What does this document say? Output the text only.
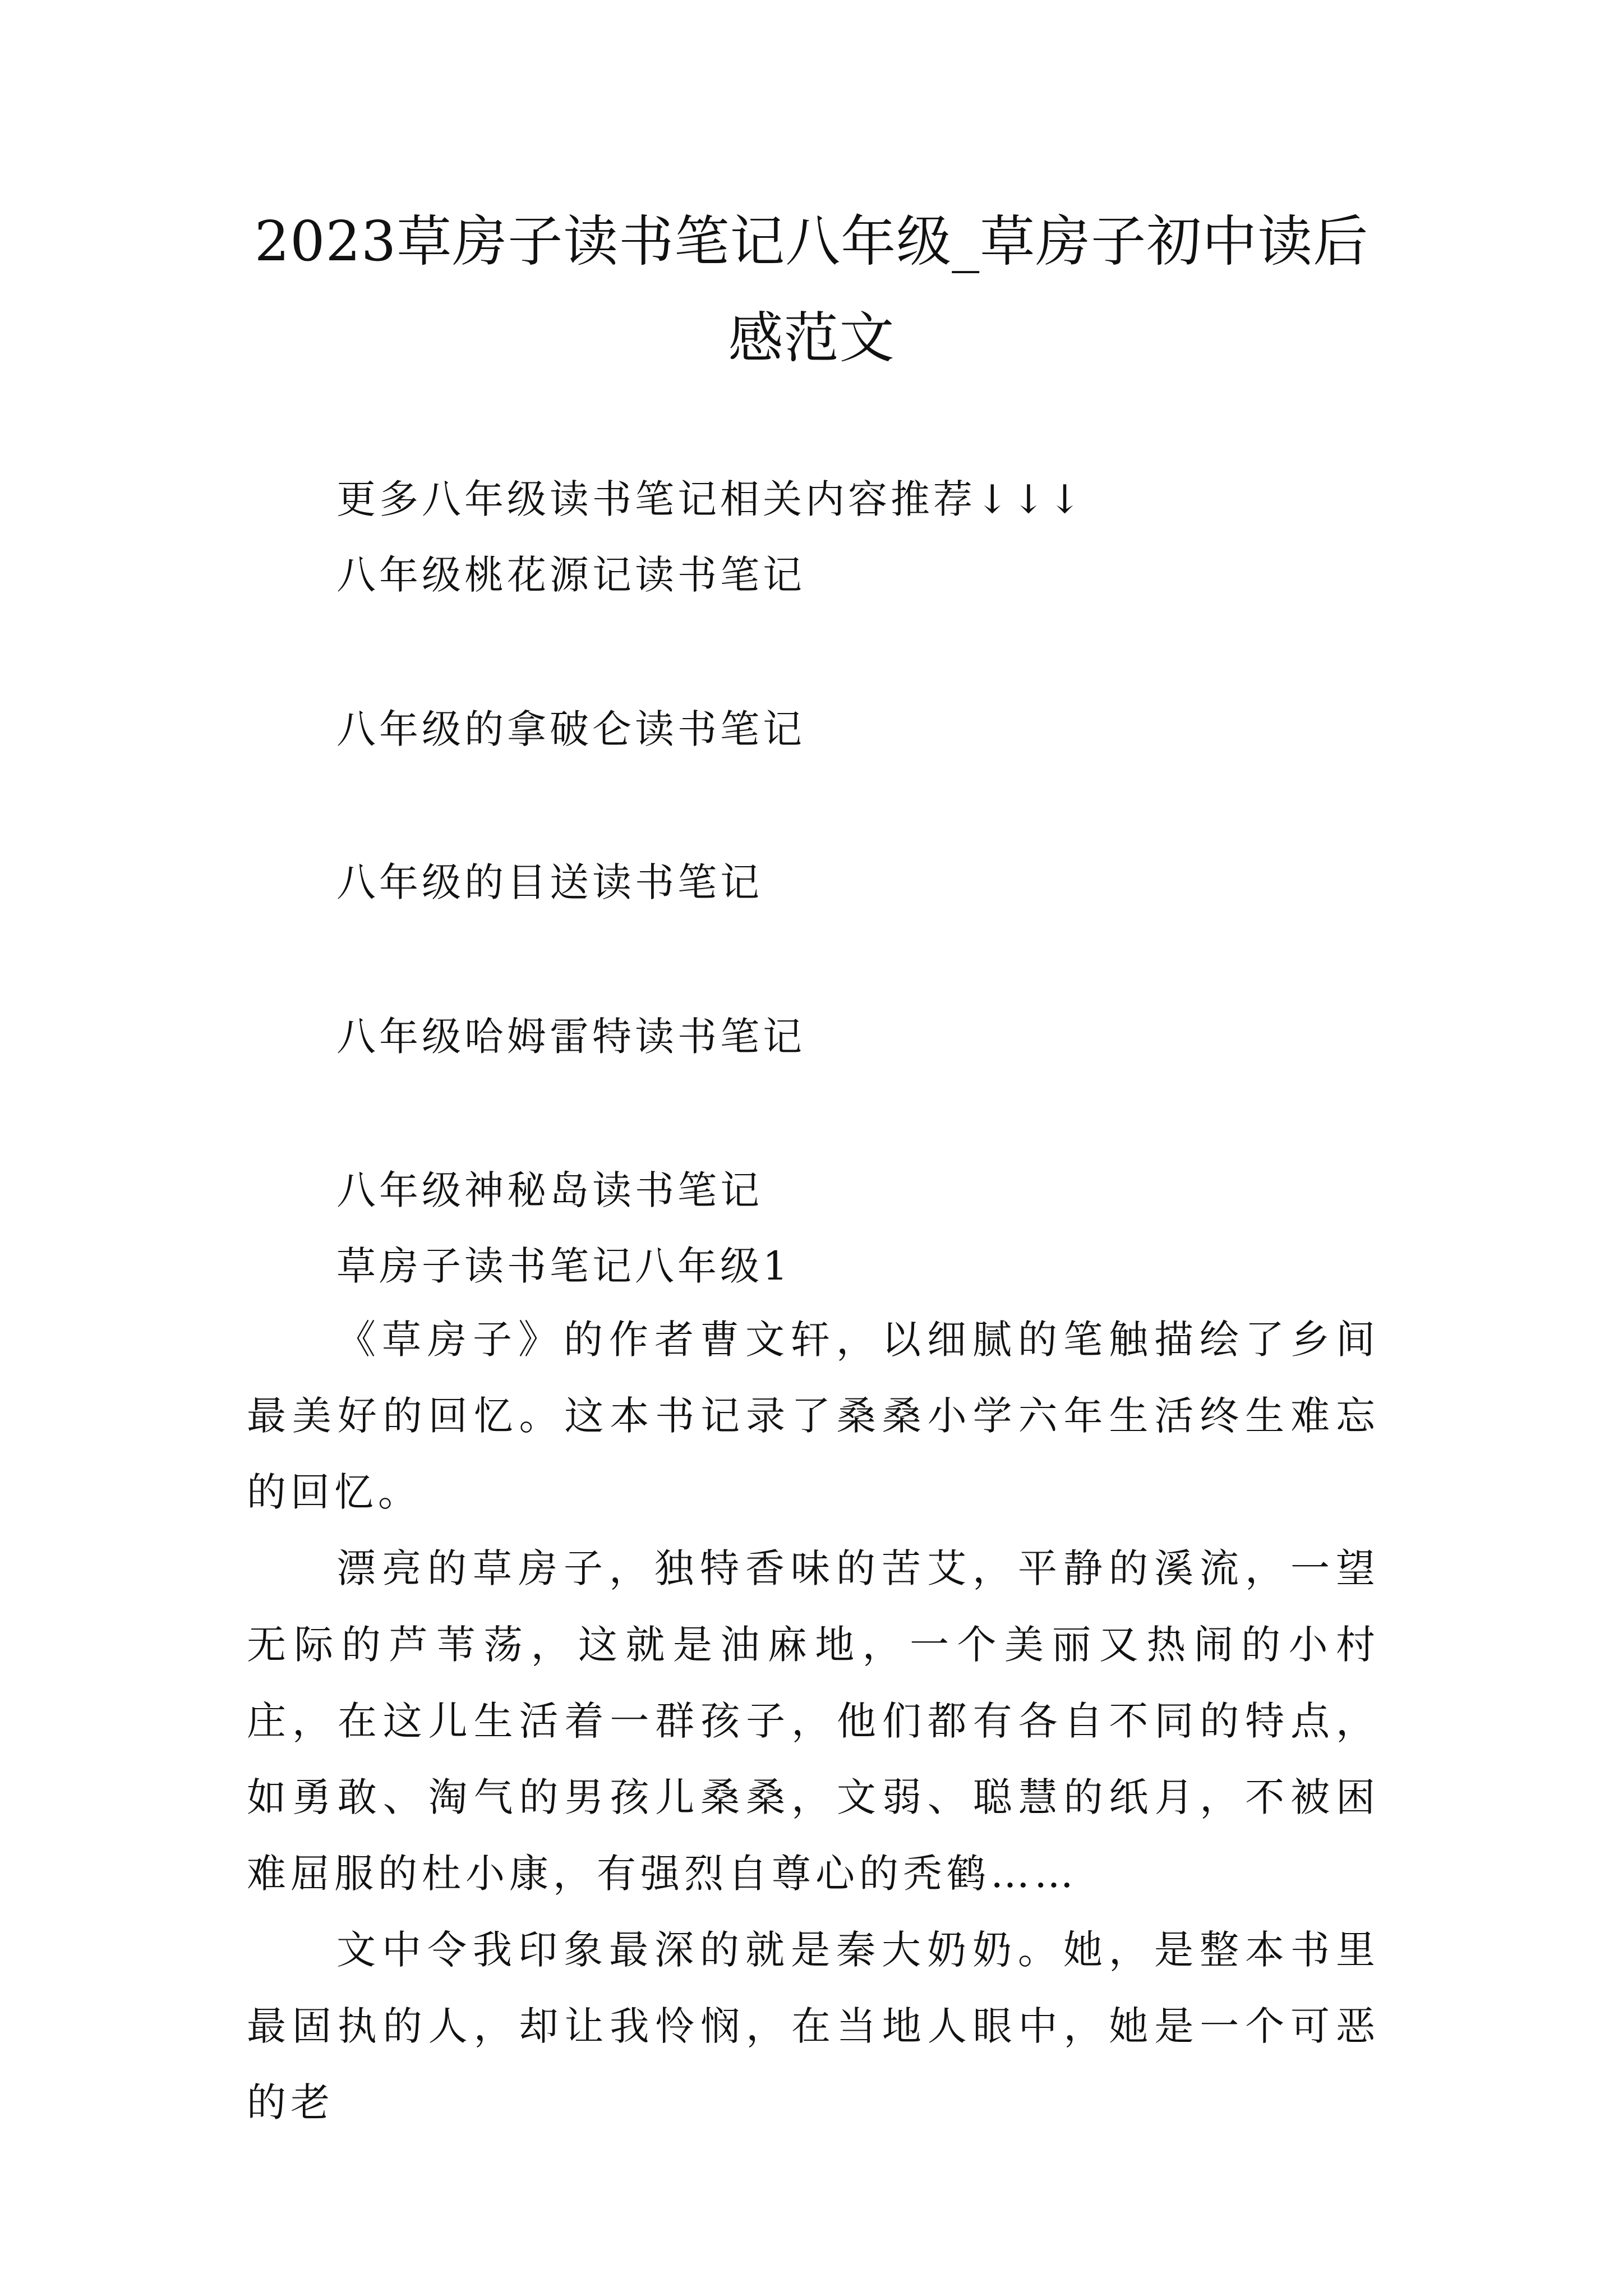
2023草房子读书笔记八年级_草房子初中读后感范文

更多八年级读书笔记相关内容推荐↓↓↓

八年级桃花源记读书笔记

八年级的拿破仑读书笔记

八年级的目送读书笔记

八年级哈姆雷特读书笔记

八年级神秘岛读书笔记

草房子读书笔记八年级1

《草房子》的作者曹文轩，以细腻的笔触描绘了乡间最美好的回忆。这本书记录了桑桑小学六年生活终生难忘的回忆。

漂亮的草房子，独特香味的苦艾，平静的溪流，一望无际的芦苇荡，这就是油麻地，一个美丽又热闹的小村庄，在这儿生活着一群孩子，他们都有各自不同的特点，如勇敢、淘气的男孩儿桑桑，文弱、聪慧的纸月，不被困难屈服的杜小康，有强烈自尊心的秃鹤……

文中令我印象最深的就是秦大奶奶。她，是整本书里最固执的人，却让我怜悯，在当地人眼中，她是一个可恶的老
